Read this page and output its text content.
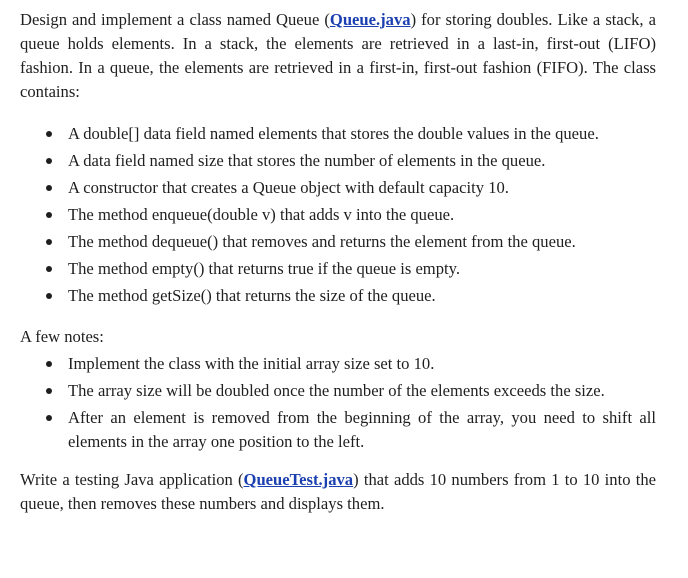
Design and implement a class named Queue (Queue.java) for storing doubles. Like a stack, a queue holds elements. In a stack, the elements are retrieved in a last-in, first-out (LIFO) fashion. In a queue, the elements are retrieved in a first-in, first-out fashion (FIFO). The class contains:

A double[] data field named elements that stores the double values in the queue.
A data field named size that stores the number of elements in the queue.
A constructor that creates a Queue object with default capacity 10.
The method enqueue(double v) that adds v into the queue.
The method dequeue() that removes and returns the element from the queue.
The method empty() that returns true if the queue is empty.
The method getSize() that returns the size of the queue.

A few notes:

Implement the class with the initial array size set to 10.
The array size will be doubled once the number of the elements exceeds the size.
After an element is removed from the beginning of the array, you need to shift all elements in the array one position to the left.

Write a testing Java application (QueueTest.java) that adds 10 numbers from 1 to 10 into the queue, then removes these numbers and displays them.
